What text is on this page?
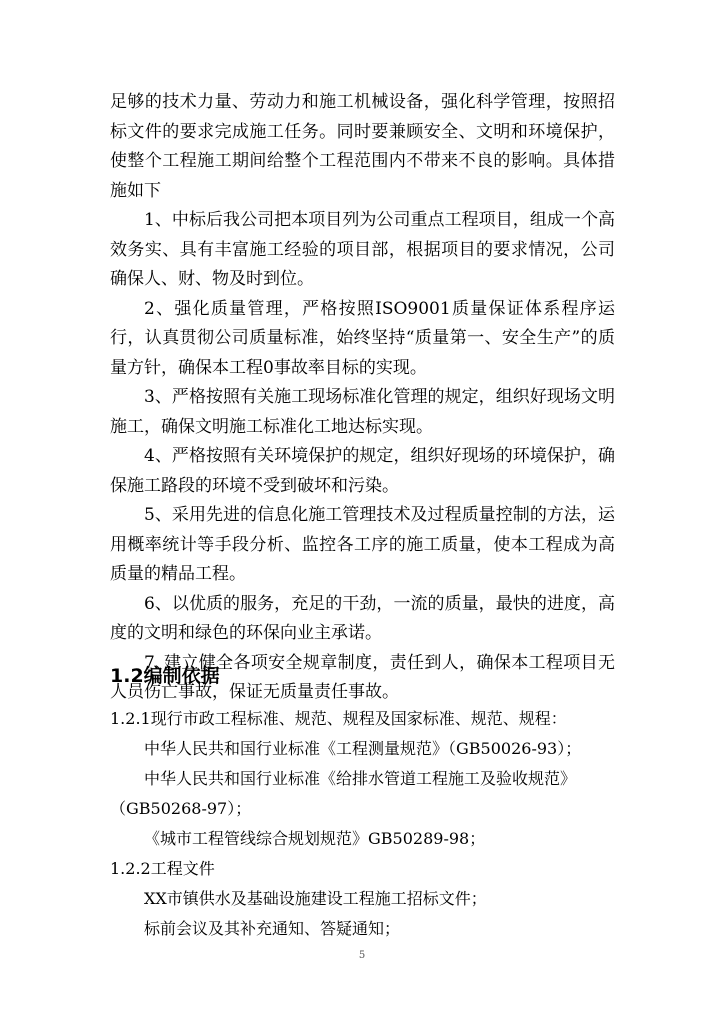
足够的技术力量、劳动力和施工机械设备，强化科学管理，按照招标文件的要求完成施工任务。同时要兼顾安全、文明和环境保护，使整个工程施工期间给整个工程范围内不带来不良的影响。具体措施如下

1、中标后我公司把本项目列为公司重点工程项目，组成一个高效务实、具有丰富施工经验的项目部，根据项目的要求情况，公司确保人、财、物及时到位。

2、强化质量管理，严格按照ISO9001质量保证体系程序运行，认真贯彻公司质量标准，始终坚持“质量第一、安全生产”的质量方针，确保本工程0事故率目标的实现。

3、严格按照有关施工现场标准化管理的规定，组织好现场文明施工，确保文明施工标准化工地达标实现。

4、严格按照有关环境保护的规定，组织好现场的环境保护，确保施工路段的环境不受到破坏和污染。

5、采用先进的信息化施工管理技术及过程质量控制的方法，运用概率统计等手段分析、监控各工序的施工质量，使本工程成为高质量的精品工程。

6、以优质的服务，充足的干劲，一流的质量，最快的进度，高度的文明和绿色的环保向业主承诺。

7､建立健全各项安全规章制度，责任到人，确保本工程项目无人员伤亡事故，保证无质量责任事故。

1.2编制依据

1.2.1现行市政工程标准、规范、规程及国家标准、规范、规程：

中华人民共和国行业标准《工程测量规范》（GB50026-93）；

中华人民共和国行业标准《给排水管道工程施工及验收规范》

（GB50268-97）；

《城市工程管线综合规划规范》GB50289-98；

1.2.2工程文件

XX市镇供水及基础设施建设工程施工招标文件；

标前会议及其补充通知、答疑通知；

5
